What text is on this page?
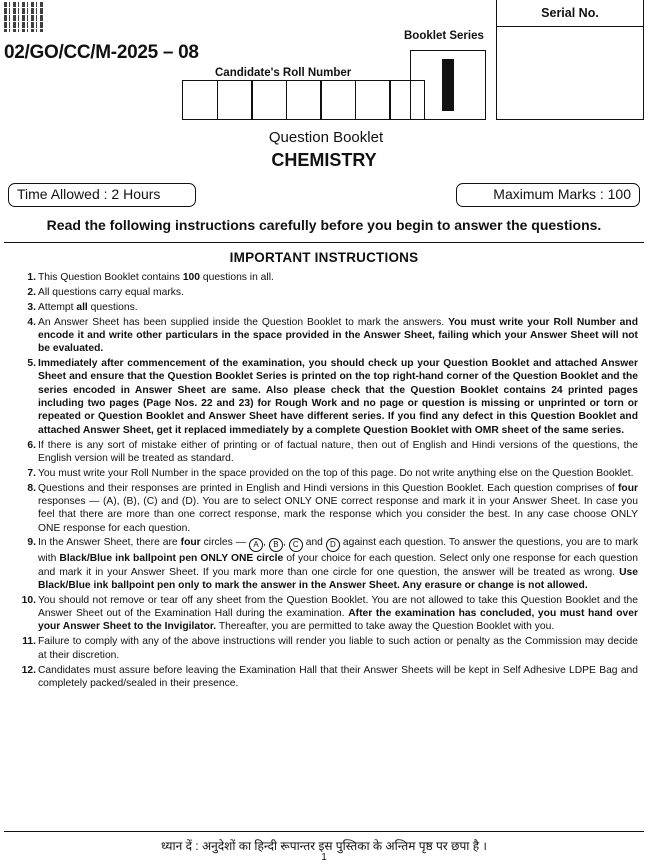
02/GO/CC/M-2025 – 08
Booklet Series
Serial No.
Candidate's Roll Number
Question Booklet
CHEMISTRY
Time Allowed : 2 Hours	Maximum Marks : 100
Read the following instructions carefully before you begin to answer the questions.
IMPORTANT INSTRUCTIONS
1. This Question Booklet contains 100 questions in all.
2. All questions carry equal marks.
3. Attempt all questions.
4. An Answer Sheet has been supplied inside the Question Booklet to mark the answers. You must write your Roll Number and encode it and write other particulars in the space provided in the Answer Sheet, failing which your Answer Sheet will not be evaluated.
5. Immediately after commencement of the examination, you should check up your Question Booklet and attached Answer Sheet and ensure that the Question Booklet Series is printed on the top right-hand corner of the Question Booklet and the series encoded in Answer Sheet are same. Also please check that the Question Booklet contains 24 printed pages including two pages (Page Nos. 22 and 23) for Rough Work and no page or question is missing or unprinted or torn or repeated or Question Booklet and Answer Sheet have different series. If you find any defect in this Question Booklet and attached Answer Sheet, get it replaced immediately by a complete Question Booklet with OMR sheet of the same series.
6. If there is any sort of mistake either of printing or of factual nature, then out of English and Hindi versions of the questions, the English version will be treated as standard.
7. You must write your Roll Number in the space provided on the top of this page. Do not write anything else on the Question Booklet.
8. Questions and their responses are printed in English and Hindi versions in this Question Booklet. Each question comprises of four responses — (A), (B), (C) and (D). You are to select ONLY ONE correct response and mark it in your Answer Sheet. In case you feel that there are more than one correct response, mark the response which you consider the best. In any case choose ONLY ONE response for each question.
9. In the Answer Sheet, there are four circles — A , B , C and D against each question. To answer the questions, you are to mark with Black/Blue ink ballpoint pen ONLY ONE circle of your choice for each question. Select only one response for each question and mark it in your Answer Sheet. If you mark more than one circle for one question, the answer will be treated as wrong. Use Black/Blue ink ballpoint pen only to mark the answer in the Answer Sheet. Any erasure or change is not allowed.
10. You should not remove or tear off any sheet from the Question Booklet. You are not allowed to take this Question Booklet and the Answer Sheet out of the Examination Hall during the examination. After the examination has concluded, you must hand over your Answer Sheet to the Invigilator. Thereafter, you are permitted to take away the Question Booklet with you.
11. Failure to comply with any of the above instructions will render you liable to such action or penalty as the Commission may decide at their discretion.
12. Candidates must assure before leaving the Examination Hall that their Answer Sheets will be kept in Self Adhesive LDPE Bag and completely packed/sealed in their presence.
ध्यान दें : अनुदेशों का हिन्दी रूपान्तर इस पुस्तिका के अन्तिम पृष्ठ पर छपा है ।
1
